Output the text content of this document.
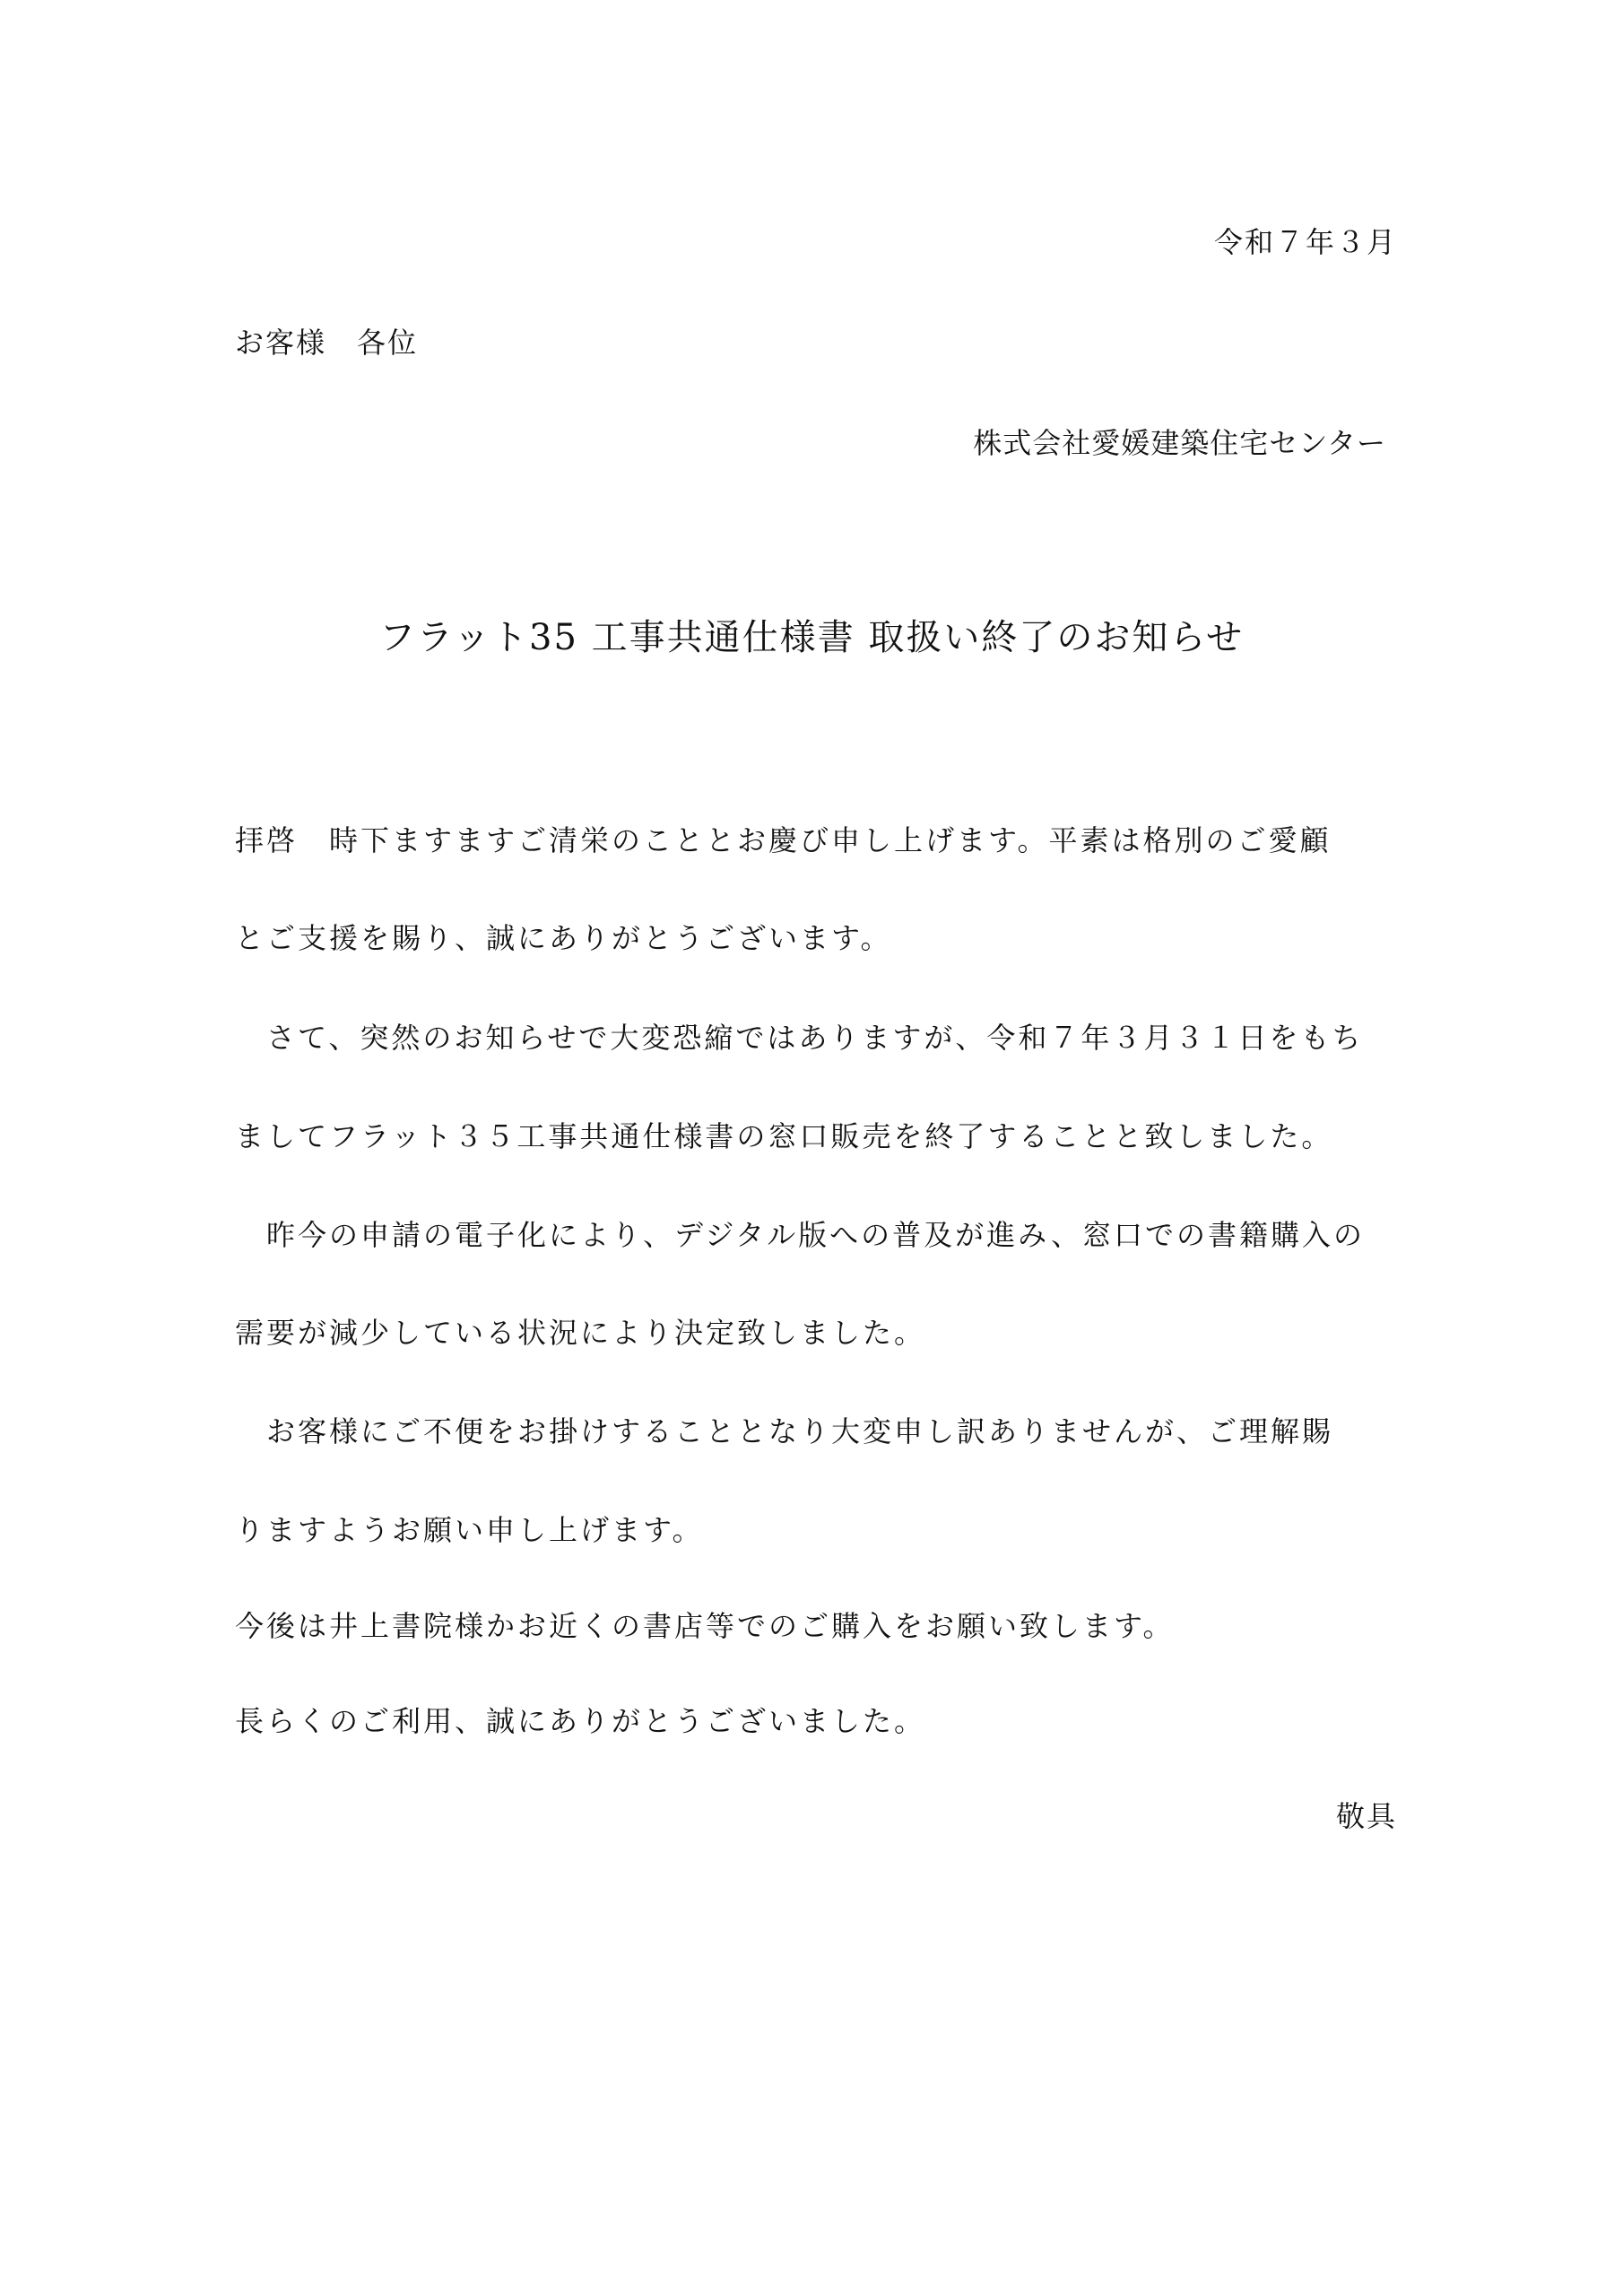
令和７年３月
お客様　各位
株式会社愛媛建築住宅センター
フラット35 工事共通仕様書 取扱い終了のお知らせ
拝啓　時下ますますご清栄のこととお慶び申し上げます。平素は格別のご愛顧
とご支援を賜り、誠にありがとうございます。
　さて、突然のお知らせで大変恐縮ではありますが、令和７年３月３１日をもち
ましてフラット３５工事共通仕様書の窓口販売を終了することと致しました。
　昨今の申請の電子化により、デジタル版への普及が進み、窓口での書籍購入の
需要が減少している状況により決定致しました。
　お客様にご不便をお掛けすることとなり大変申し訳ありませんが、ご理解賜
りますようお願い申し上げます。
今後は井上書院様かお近くの書店等でのご購入をお願い致します。
長らくのご利用、誠にありがとうございました。
敬具
